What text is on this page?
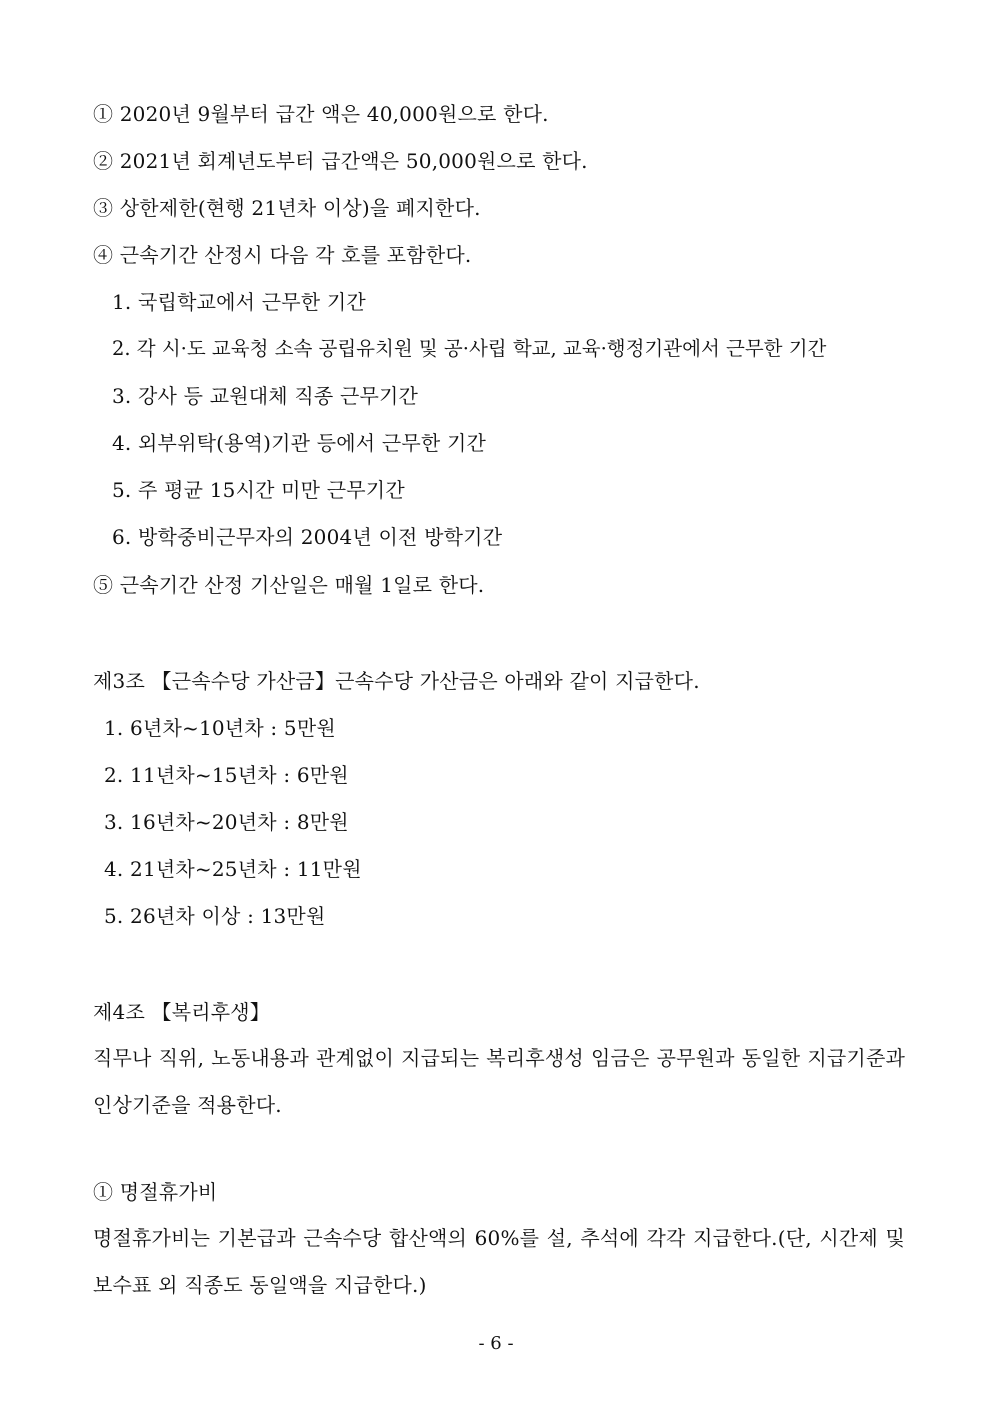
① 2020년 9월부터 급간 액은 40,000원으로 한다.
② 2021년 회계년도부터 급간액은 50,000원으로 한다.
③ 상한제한(현행 21년차 이상)을 폐지한다.
④ 근속기간 산정시 다음 각 호를 포함한다.
1. 국립학교에서 근무한 기간
2. 각 시·도 교육청 소속 공립유치원 및 공·사립 학교, 교육·행정기관에서 근무한 기간
3. 강사 등 교원대체 직종 근무기간
4. 외부위탁(용역)기관 등에서 근무한 기간
5. 주 평균 15시간 미만 근무기간
6. 방학중비근무자의 2004년 이전 방학기간
⑤ 근속기간 산정 기산일은 매월 1일로 한다.
제3조 【근속수당 가산금】근속수당 가산금은 아래와 같이 지급한다.
1. 6년차~10년차 : 5만원
2. 11년차~15년차 : 6만원
3. 16년차~20년차 : 8만원
4. 21년차~25년차 : 11만원
5. 26년차 이상 : 13만원
제4조 【복리후생】
직무나 직위, 노동내용과 관계없이 지급되는 복리후생성 임금은 공무원과 동일한 지급기준과 인상기준을 적용한다.
① 명절휴가비
명절휴가비는 기본급과 근속수당 합산액의 60%를 설, 추석에 각각 지급한다.(단, 시간제 및 보수표 외 직종도 동일액을 지급한다.)
- 6 -
